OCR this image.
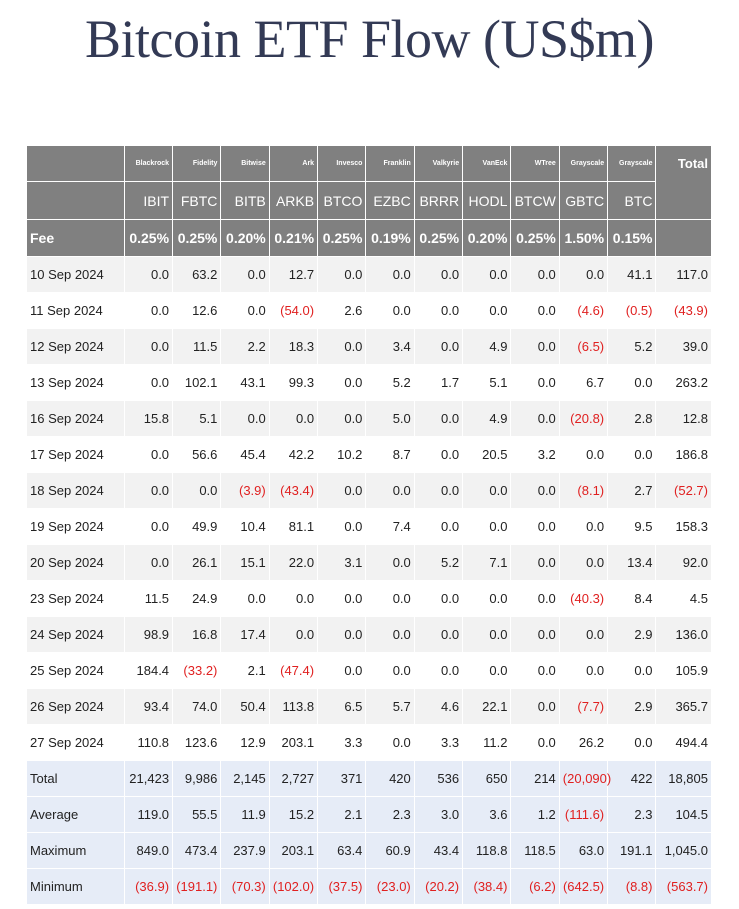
Bitcoin ETF Flow (US$m)
	Blackrock	Fidelity	Bitwise	Ark	Invesco	Franklin	Valkyrie	VanEck	WTree	Grayscale	Grayscale	Total
	IBIT	FBTC	BITB	ARKB	BTCO	EZBC	BRRR	HODL	BTCW	GBTC	BTC	
Fee	0.25%	0.25%	0.20%	0.21%	0.25%	0.19%	0.25%	0.20%	0.25%	1.50%	0.15%	
10 Sep 2024	0.0	63.2	0.0	12.7	0.0	0.0	0.0	0.0	0.0	0.0	41.1	117.0
11 Sep 2024	0.0	12.6	0.0	(54.0)	2.6	0.0	0.0	0.0	0.0	(4.6)	(0.5)	(43.9)
12 Sep 2024	0.0	11.5	2.2	18.3	0.0	3.4	0.0	4.9	0.0	(6.5)	5.2	39.0
13 Sep 2024	0.0	102.1	43.1	99.3	0.0	5.2	1.7	5.1	0.0	6.7	0.0	263.2
16 Sep 2024	15.8	5.1	0.0	0.0	0.0	5.0	0.0	4.9	0.0	(20.8)	2.8	12.8
17 Sep 2024	0.0	56.6	45.4	42.2	10.2	8.7	0.0	20.5	3.2	0.0	0.0	186.8
18 Sep 2024	0.0	0.0	(3.9)	(43.4)	0.0	0.0	0.0	0.0	0.0	(8.1)	2.7	(52.7)
19 Sep 2024	0.0	49.9	10.4	81.1	0.0	7.4	0.0	0.0	0.0	0.0	9.5	158.3
20 Sep 2024	0.0	26.1	15.1	22.0	3.1	0.0	5.2	7.1	0.0	0.0	13.4	92.0
23 Sep 2024	11.5	24.9	0.0	0.0	0.0	0.0	0.0	0.0	0.0	(40.3)	8.4	4.5
24 Sep 2024	98.9	16.8	17.4	0.0	0.0	0.0	0.0	0.0	0.0	0.0	2.9	136.0
25 Sep 2024	184.4	(33.2)	2.1	(47.4)	0.0	0.0	0.0	0.0	0.0	0.0	0.0	105.9
26 Sep 2024	93.4	74.0	50.4	113.8	6.5	5.7	4.6	22.1	0.0	(7.7)	2.9	365.7
27 Sep 2024	110.8	123.6	12.9	203.1	3.3	0.0	3.3	11.2	0.0	26.2	0.0	494.4
Total	21,423	9,986	2,145	2,727	371	420	536	650	214	(20,090)	422	18,805
Average	119.0	55.5	11.9	15.2	2.1	2.3	3.0	3.6	1.2	(111.6)	2.3	104.5
Maximum	849.0	473.4	237.9	203.1	63.4	60.9	43.4	118.8	118.5	63.0	191.1	1,045.0
Minimum	(36.9)	(191.1)	(70.3)	(102.0)	(37.5)	(23.0)	(20.2)	(38.4)	(6.2)	(642.5)	(8.8)	(563.7)
